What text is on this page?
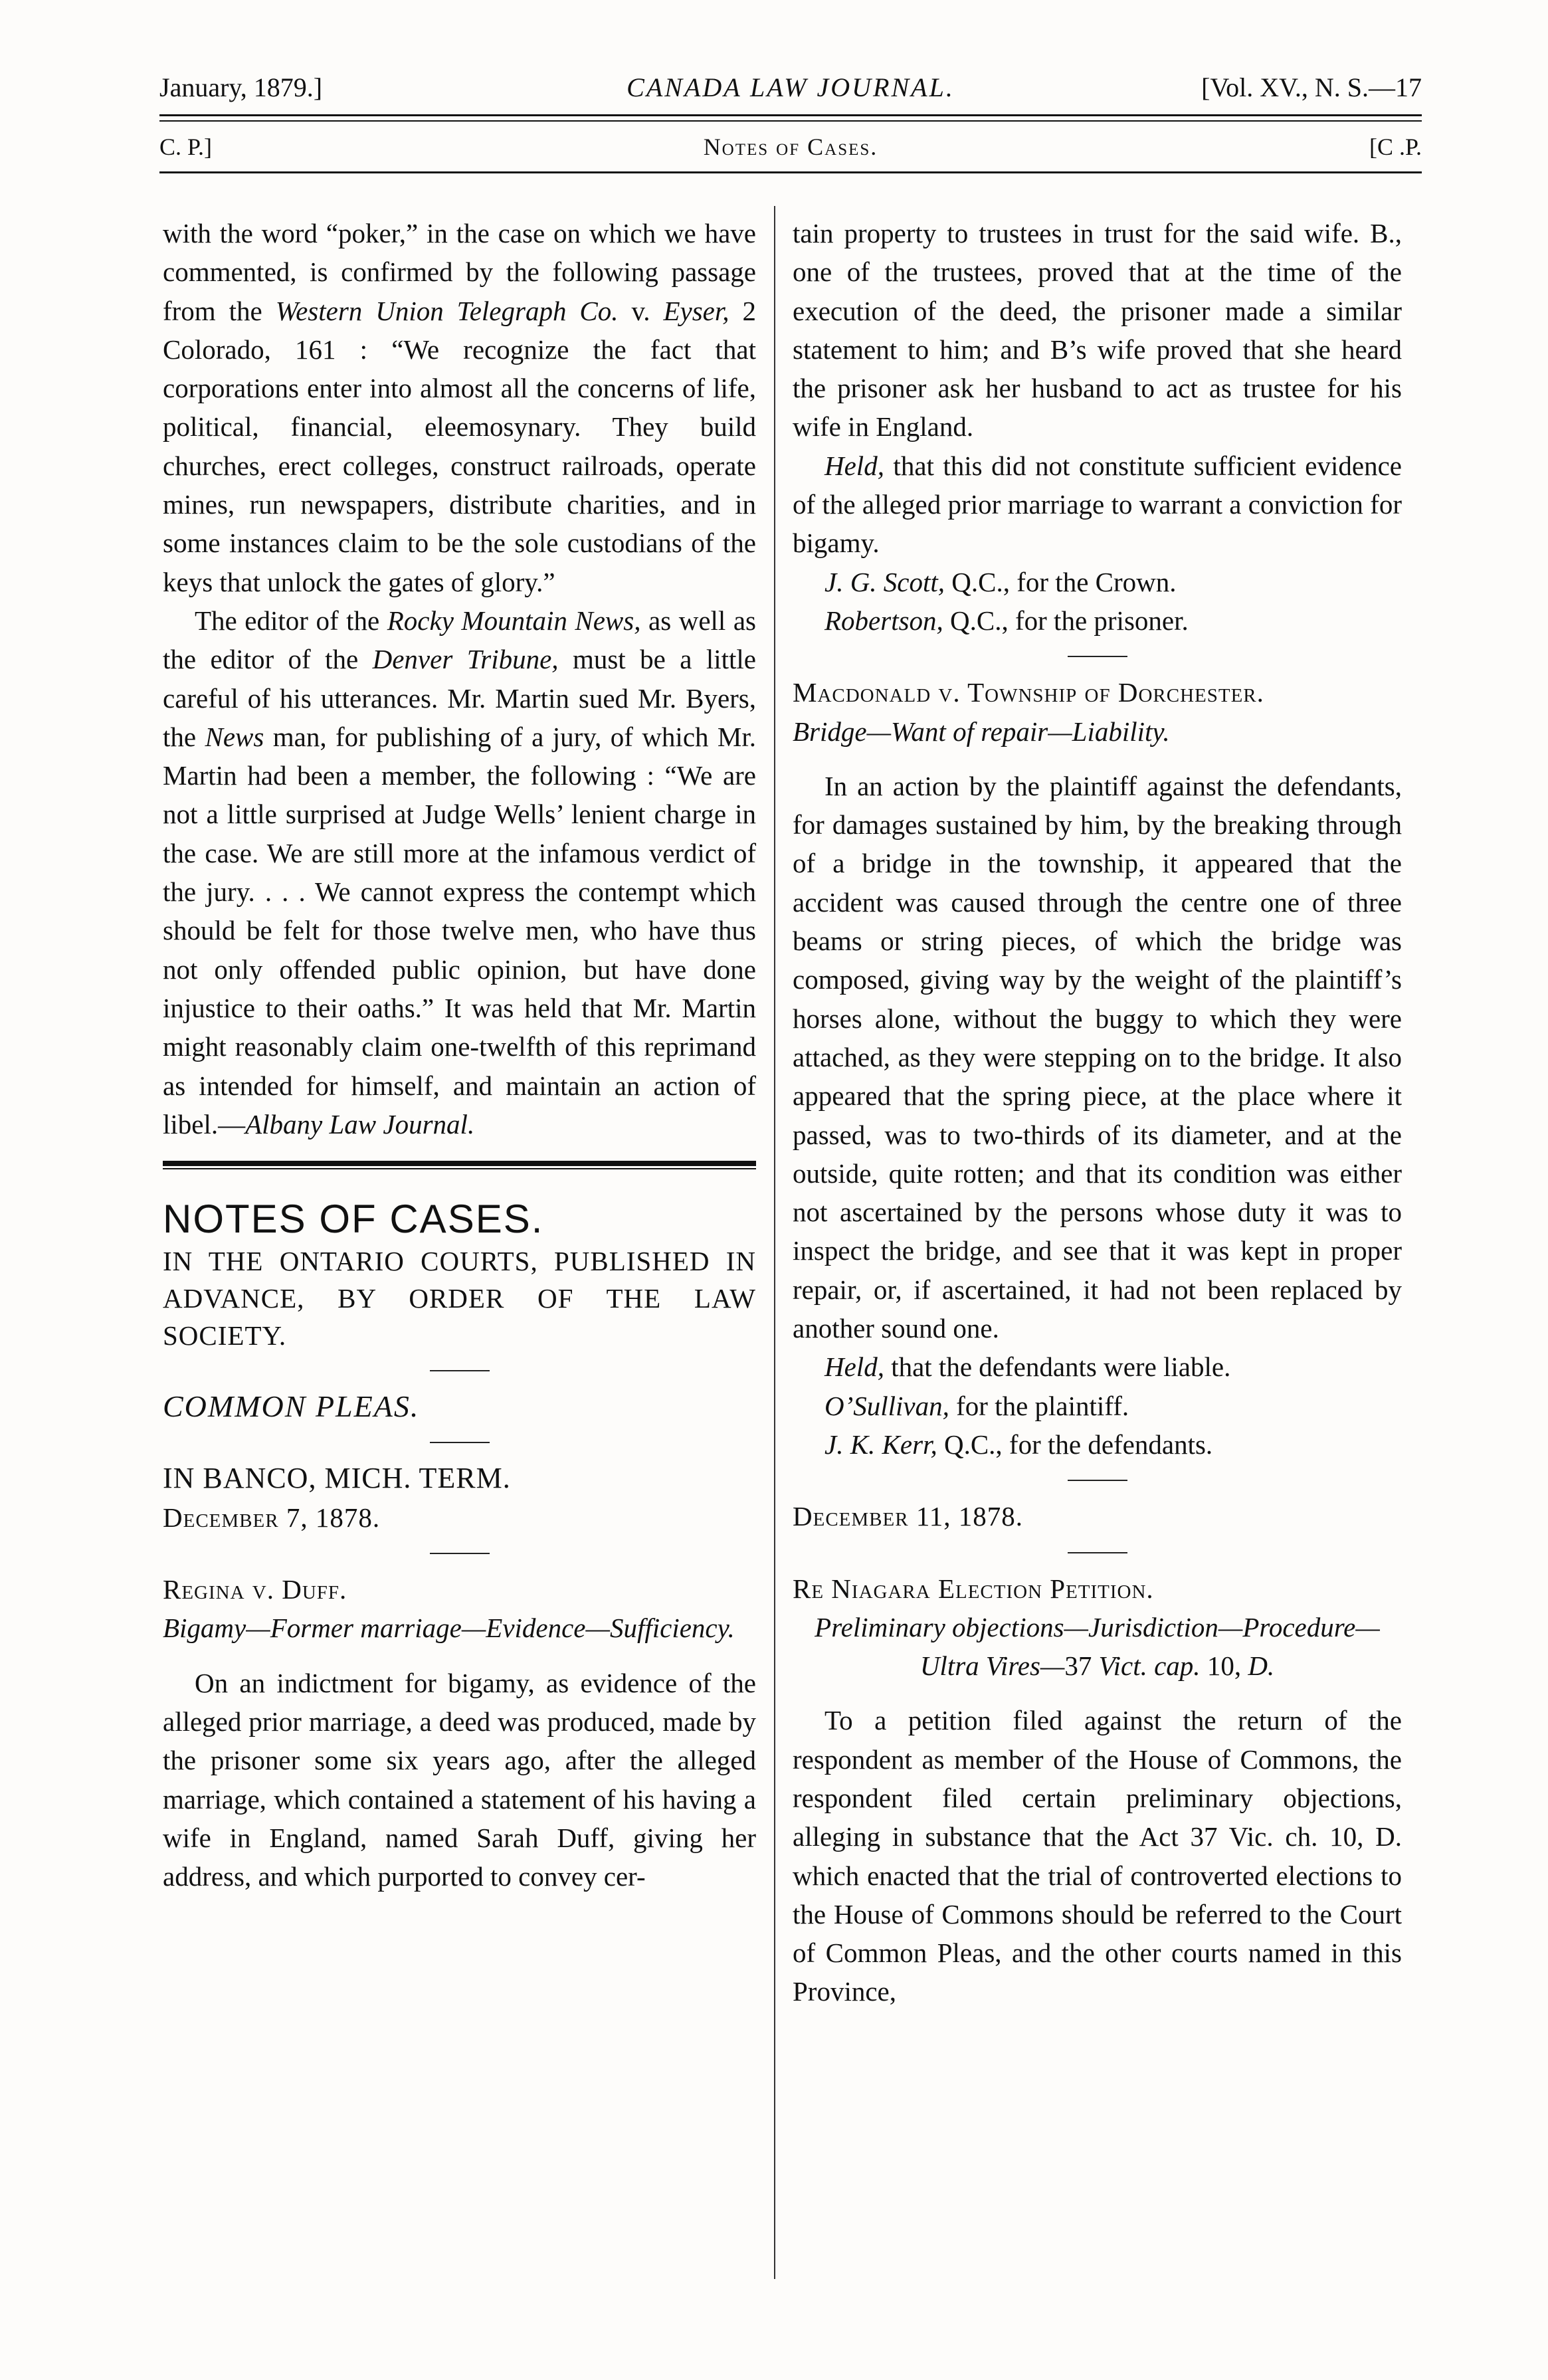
January, 1879.]	CANADA LAW JOURNAL.	[Vol. XV., N. S.—17
C. P.]	Notes of Cases.	[C .P.

with the word “poker,” in the case on which we have commented, is confirmed by the following passage from the Western Union Telegraph Co. v. Eyser, 2 Colorado, 161 : “We recognize the fact that corporations enter into almost all the concerns of life, political, financial, eleemosynary. They build churches, erect colleges, construct railroads, operate mines, run newspapers, distribute charities, and in some instances claim to be the sole custodians of the keys that unlock the gates of glory.”

The editor of the Rocky Mountain News, as well as the editor of the Denver Tribune, must be a little careful of his utterances. Mr. Martin sued Mr. Byers, the News man, for publishing of a jury, of which Mr. Martin had been a member, the following : “We are not a little surprised at Judge Wells’ lenient charge in the case. We are still more at the infamous verdict of the jury. . . . We cannot express the contempt which should be felt for those twelve men, who have thus not only offended public opinion, but have done injustice to their oaths.” It was held that Mr. Martin might reasonably claim one-twelfth of this reprimand as intended for himself, and maintain an action of libel.—Albany Law Journal.

NOTES OF CASES.

IN THE ONTARIO COURTS, PUBLISHED IN ADVANCE, BY ORDER OF THE LAW SOCIETY.

COMMON PLEAS.

IN BANCO, MICH. TERM.

December 7, 1878.

Regina v. Duff.

Bigamy—Former marriage—Evidence—Sufficiency.

On an indictment for bigamy, as evidence of the alleged prior marriage, a deed was produced, made by the prisoner some six years ago, after the alleged marriage, which contained a statement of his having a wife in England, named Sarah Duff, giving her address, and which purported to convey cer-

tain property to trustees in trust for the said wife. B., one of the trustees, proved that at the time of the execution of the deed, the prisoner made a similar statement to him; and B’s wife proved that she heard the prisoner ask her husband to act as trustee for his wife in England.

Held, that this did not constitute sufficient evidence of the alleged prior marriage to warrant a conviction for bigamy.

J. G. Scott, Q.C., for the Crown.

Robertson, Q.C., for the prisoner.

Macdonald v. Township of Dorchester.

Bridge—Want of repair—Liability.

In an action by the plaintiff against the defendants, for damages sustained by him, by the breaking through of a bridge in the township, it appeared that the accident was caused through the centre one of three beams or string pieces, of which the bridge was composed, giving way by the weight of the plaintiff’s horses alone, without the buggy to which they were attached, as they were stepping on to the bridge. It also appeared that the spring piece, at the place where it passed, was to two-thirds of its diameter, and at the outside, quite rotten; and that its condition was either not ascertained by the persons whose duty it was to inspect the bridge, and see that it was kept in proper repair, or, if ascertained, it had not been replaced by another sound one.

Held, that the defendants were liable.

O’Sullivan, for the plaintiff.

J. K. Kerr, Q.C., for the defendants.

December 11, 1878.

Re Niagara Election Petition.

Preliminary objections—Jurisdiction—Procedure—Ultra Vires—37 Vict. cap. 10, D.

To a petition filed against the return of the respondent as member of the House of Commons, the respondent filed certain preliminary objections, alleging in substance that the Act 37 Vic. ch. 10, D. which enacted that the trial of controverted elections to the House of Commons should be referred to the Court of Common Pleas, and the other courts named in this Province,
